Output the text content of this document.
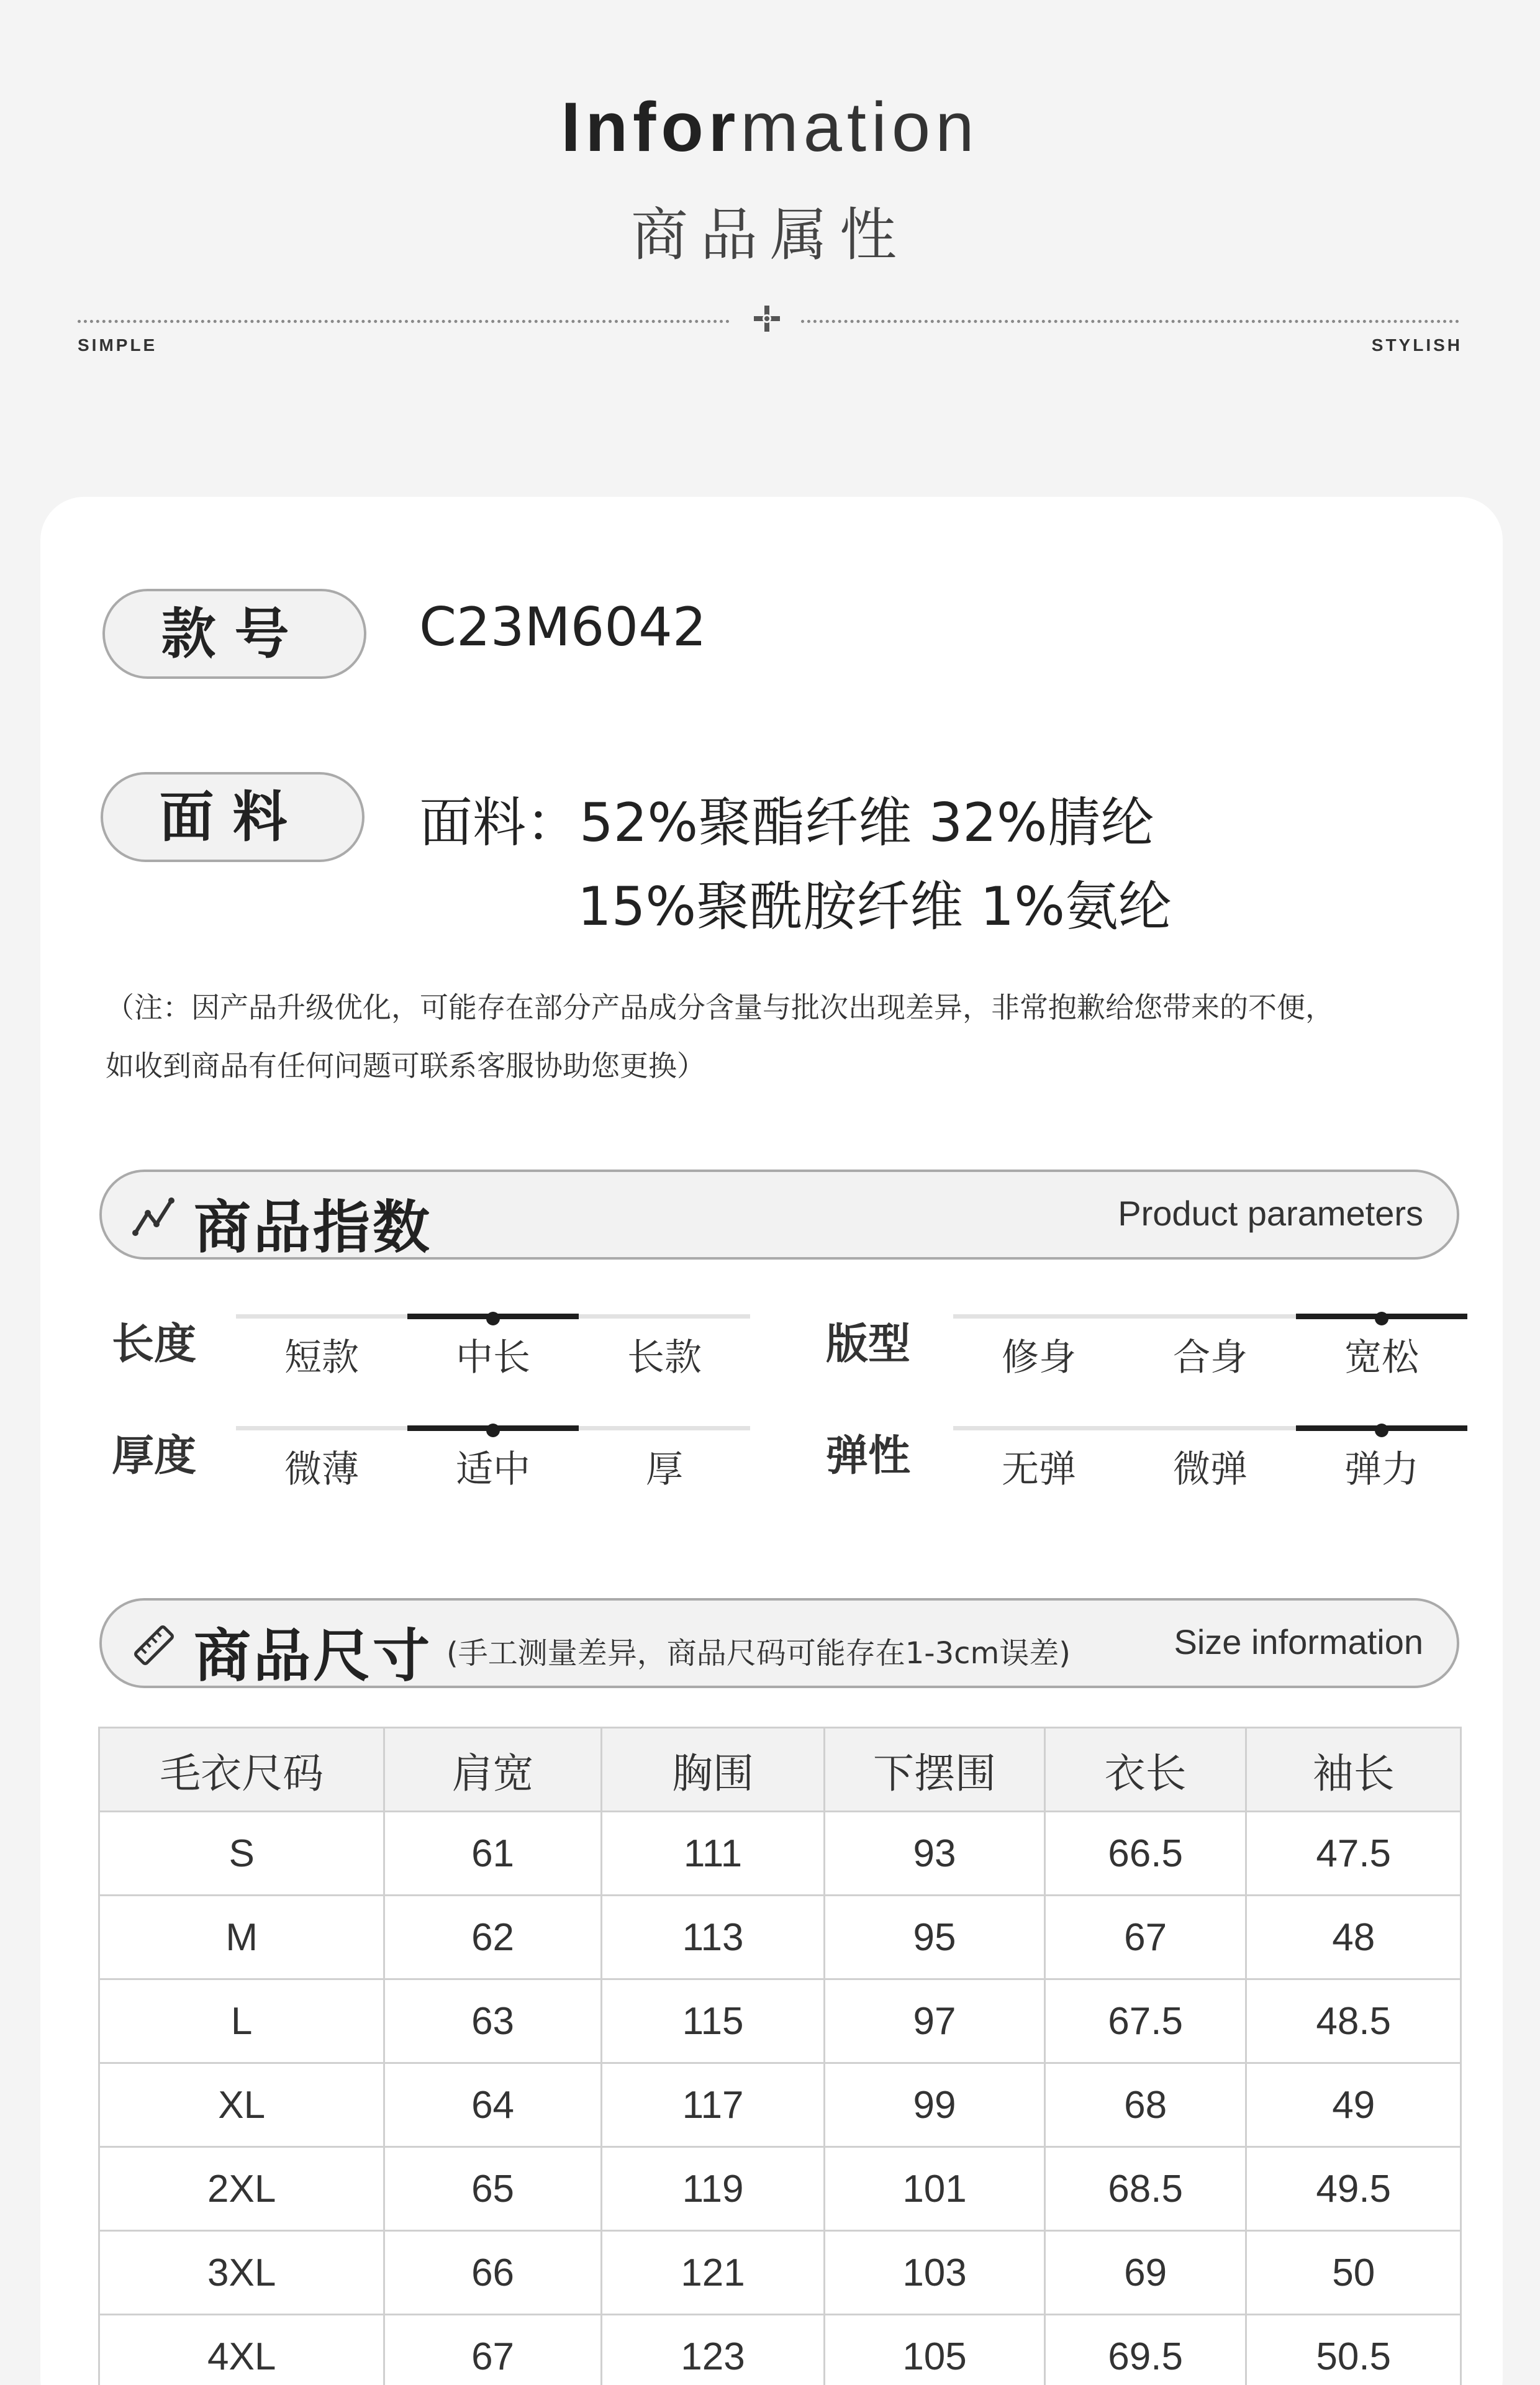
Information
商品属性
SIMPLE	STYLISH
款号	C23M6042
面料	面料：52%聚酯纤维 32%腈纶
15%聚酰胺纤维 1%氨纶
（注：因产品升级优化，可能存在部分产品成分含量与批次出现差异，非常抱歉给您带来的不便，
如收到商品有任何问题可联系客服协助您更换）
商品指数	Product parameters
长度	短款	中长	长款	版型	修身	合身	宽松
厚度	微薄	适中	厚	弹性	无弹	微弹	弹力
商品尺寸 (手工测量差异，商品尺码可能存在1-3cm误差)	Size information
毛衣尺码	肩宽	胸围	下摆围	衣长	袖长
S	61	111	93	66.5	47.5
M	62	113	95	67	48
L	63	115	97	67.5	48.5
XL	64	117	99	68	49
2XL	65	119	101	68.5	49.5
3XL	66	121	103	69	50
4XL	67	123	105	69.5	50.5
